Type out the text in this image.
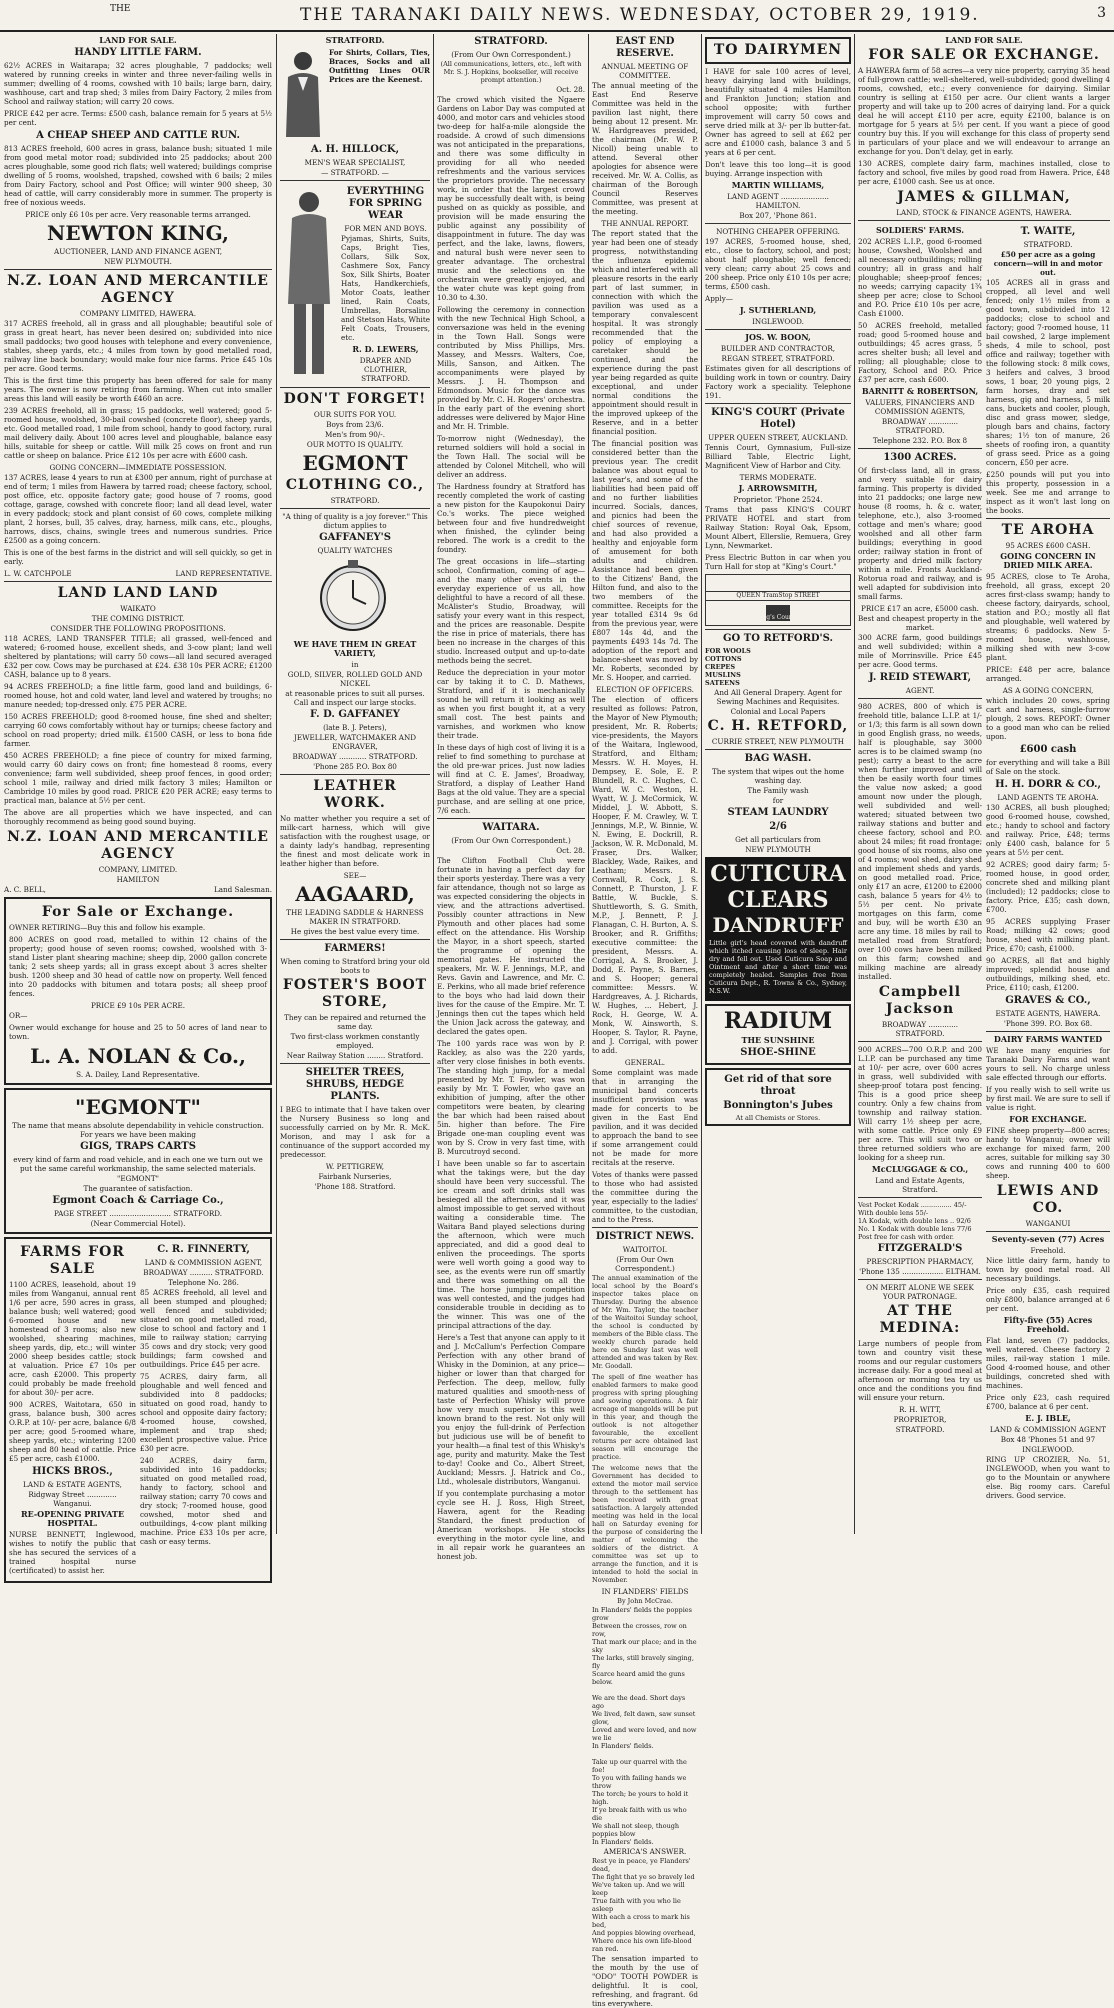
THE	THE TARANAKI DAILY NEWS. WEDNESDAY, OCTOBER 29, 1919.	3
LAND FOR SALE.
HANDY LITTLE FARM.
62½ ACRES in Waitarapa; 32 acres ploughable, 7 paddocks; well watered by running creeks in winter and three never-failing wells in summer; dwelling of 4 rooms, cowshed with 10 bails; large barn, dairy, washhouse, cart and trap shed; 3 miles from Dairy Factory, 2 miles from School and railway station; will carry 20 cows.
PRICE £42 per acre. Terms: £500 cash, balance remain for 5 years at 5½ per cent.
A CHEAP SHEEP AND CATTLE RUN.
813 ACRES freehold, 600 acres in grass, balance bush; situated 1 mile from good metal motor road; subdivided into 25 paddocks; about 200 acres ploughable, some good rich flats; well watered; buildings comprise dwelling of 5 rooms, woolshed, trapshed, cowshed with 6 bails; 2 miles from Dairy Factory, school and Post Office; will winter 900 sheep, 30 head of cattle, will carry considerably more in summer. The property is free of noxious weeds.
PRICE only £6 10s per acre. Very reasonable terms arranged.
NEWTON KING,
AUCTIONEER, LAND AND FINANCE AGENT,
NEW PLYMOUTH.
N.Z. LOAN AND MERCANTILE AGENCY
COMPANY LIMITED, HAWERA.
317 ACRES freehold, all in grass and all ploughable; beautiful sole of grass in great heart, has never been desired on; subdivided into nice small paddocks; two good houses with telephone and every convenience, stables, sheep yards, etc.; 4 miles from town by good metalled road, railway line back boundary; would make four nice farms. Price £45 10s per acre. Good terms.
This is the first time this property has been offered for sale for many years. The owner is now retiring from farming. When cut into smaller areas this land will easily be worth £460 an acre.
239 ACRES freehold, all in grass; 15 paddocks, well watered; good 5-roomed house, woolshed, 30-bail cowshed (concrete floor), sheep yards, etc. Good metalled road, 1 mile from school, handy to good factory, rural mail delivery daily. About 100 acres level and ploughable, balance easy hills, suitable for sheep or cattle. Will milk 25 cows on front and run cattle or sheep on balance. Price £12 10s per acre with £600 cash.
GOING CONCERN—IMMEDIATE POSSESSION.
137 ACRES, lease 4 years to run at £300 per annum, right of purchase at end of term; 1 miles from Hawera by tarred road; cheese factory, school, post office, etc. opposite factory gate; good house of 7 rooms, good cottage, garage, cowshed with concrete floor; land all dead level, water in every paddock; stock and plant consist of 60 cows, complete milking plant, 2 horses, bull, 35 calves, dray, harness, milk cans, etc., ploughs, harrows, discs, chains, swingle trees and numerous sundries. Price £2500 as a going concern.
This is one of the best farms in the district and will sell quickly, so get in early.
L. W. CATCHPOLE	LAND REPRESENTATIVE.
LAND LAND LAND
WAIKATO
THE COMING DISTRICT.
CONSIDER THE FOLLOWING PROPOSITIONS.
118 ACRES, LAND TRANSFER TITLE; all grassed, well-fenced and watered; 6-roomed house, excellent sheds, and 3-cow plant; land well sheltered by plantations; will carry 50 cows—all land secured averaged £32 per cow. Cows may be purchased at £24. £38 10s PER ACRE; £1200 CASH, balance up to 8 years.
94 ACRES FREEHOLD; a fine little farm, good land and buildings, 6-roomed house, hot and cold water, land level and watered by troughs; no manure needed; top-dressed only. £75 PER ACRE.
150 ACRES FREEHOLD; good 8-roomed house, fine shed and shelter; carrying 60 cows comfortably without hay or turnips; cheese factory and school on road property; dried milk. £1500 CASH, or less to bona fide farmer.
450 ACRES FREEHOLD; a fine piece of country for mixed farming, would carry 60 dairy cows on front; fine homestead 8 rooms, every convenience; farm well subdivided, sheep proof fences, in good order; school 1 mile, railway and dried milk factory 3 miles; Hamilton or Cambridge 10 miles by good road. PRICE £20 PER ACRE; easy terms to practical man, balance at 5½ per cent.
The above are all properties which we have inspected, and can thoroughly recommend as being good sound buying.
N.Z. LOAN AND MERCANTILE AGENCY
COMPANY, LIMITED.
HAMILTON
A. C. BELL,	Land Salesman.
For Sale or Exchange.
OWNER RETIRING—Buy this and follow his example.
800 ACRES on good road, metalled to within 12 chains of the property; good house of seven rooms; cowshed, woolshed with 3-stand Lister plant shearing machine; sheep dip, 2000 gallon concrete tank; 2 sets sheep yards; all in grass except about 3 acres shelter bush. 1200 sheep and 30 head of cattle now on property. Well fenced into 20 paddocks with bitumen and totara posts; all sheep proof fences.
PRICE £9 10s PER ACRE.
OR—
Owner would exchange for house and 25 to 50 acres of land near to town.
L. A. NOLAN & Co.,
S. A. Dailey, Land Representative.
"EGMONT"
The name that means absolute dependability in vehicle construction. For years we have been making
GIGS, TRAPS CARTS
every kind of farm and road vehicle, and in each one we turn out we put the same careful workmanship, the same selected materials.
"EGMONT"
The guarantee of satisfaction.
Egmont Coach & Carriage Co.,
PAGE STREET ........................... STRATFORD.
(Near Commercial Hotel).
FARMS FOR SALE
1100 ACRES, leasehold, about 19 miles from Wanganui, annual rent 1/6 per acre, 590 acres in grass, balance bush; well watered; good 6-roomed house and new homestead of 3 rooms; also new woolshed, shearing machines, sheep yards, dip, etc.; will winter 2000 sheep besides cattle; stock at valuation. Price £7 10s per acre, cash £2000. This property could probably be made freehold for about 30/- per acre.
900 ACRES, Waitotara, 650 in grass, balance bush, 300 acres O.R.P. at 10/- per acre, balance 6/8 per acre; good 5-roomed whare, sheep yards, etc.; wintering 1200 sheep and 80 head of cattle. Price £5 per acre, cash £1000.
HICKS BROS.,
LAND & ESTATE AGENTS,
Ridgway Street ............. Wanganui.
RE-OPENING PRIVATE HOSPITAL.
NURSE BENNETT, Inglewood, wishes to notify the public that she has secured the services of a trained hospital nurse (certificated) to assist her.
C. R. FINNERTY,
LAND & COMMISSION AGENT,
BROADWAY .......... STRATFORD.
Telephone No. 286.
85 ACRES freehold, all level and all been stumped and ploughed; well fenced and subdivided; situated on good metalled road, close to school and factory and 1 mile to railway station; carrying 35 cows and dry stock; very good buildings; farm cowshed and outbuildings. Price £45 per acre.
75 ACRES, dairy farm, all ploughable and well fenced and subdivided into 8 paddocks; situated on good road, handy to school and opposite dairy factory; 4-roomed house, cowshed, implement and trap shed; excellent prospective value. Price £30 per acre.
240 ACRES, dairy farm, subdivided into 16 paddocks; situated on good metalled road, handy to factory, school and railway station; carry 70 cows and dry stock; 7-roomed house, good cowshed, motor shed and outbuildings, 4-cow plant milking machine. Price £33 10s per acre, cash or easy terms.
STRATFORD.
For Shirts, Collars, Ties, Braces, Socks and all Outfitting Lines OUR Prices are the Keenest.
A. H. HILLOCK,
MEN'S WEAR SPECIALIST,
— STRATFORD. —
EVERYTHING FOR SPRING WEAR
FOR MEN AND BOYS.
Pyjamas, Shirts, Suits, Caps, Bright Ties, Collars, Silk Sox, Cashmere Sox, Fancy Sox, Silk Shirts, Boater Hats, Handkerchiefs, Motor Coats, leather lined, Rain Coats, Umbrellas, Borsalino and Stetson Hats, White Felt Coats, Trousers, etc.
R. D. LEWERS,
DRAPER AND CLOTHIER, STRATFORD.
DON'T FORGET!
OUR SUITS FOR YOU.
Boys from 23/6.
Men's from 90/-.
OUR MOTTO IS QUALITY.
EGMONT
CLOTHING CO.,
STRATFORD.
"A thing of quality is a joy forever." This dictum applies to
GAFFANEY'S
QUALITY WATCHES
WE HAVE THEM IN GREAT VARIETY,
in
GOLD, SILVER, ROLLED GOLD AND NICKEL
at reasonable prices to suit all purses. Call and inspect our large stocks.
F. D. GAFFANEY
(late B. J. Peters),
JEWELLER, WATCHMAKER AND ENGRAVER,
BROADWAY ............ STRATFORD.
'Phone 285 P.O. Box 80
LEATHER WORK.
No matter whether you require a set of milk-cart harness, which will give satisfaction with the roughest usage, or a dainty lady's handbag, representing the finest and most delicate work in leather higher than before.
SEE—
AAGAARD,
THE LEADING SADDLE & HARNESS MAKER IN STRATFORD.
He gives the best value every time.
FARMERS!
When coming to Stratford bring your old boots to
FOSTER'S BOOT STORE,
They can be repaired and returned the same day.
Two first-class workmen constantly employed.
Near Railway Station ........ Stratford.
SHELTER TREES, SHRUBS, HEDGE PLANTS.
I BEG to intimate that I have taken over the Nursery Business so long and successfully carried on by Mr. R. McK. Morison, and may I ask for a continuance of the support accorded my predecessor.
W. PETTIGREW,
Fairbank Nurseries,
'Phone 188. Stratford.
STRATFORD.
(From Our Own Correspondent.)
(All communications, letters, etc., left with Mr. S. J. Hopkins, bookseller, will receive prompt attention.)
Oct. 28.
The crowd which visited the Ngaere Gardens on Labor Day was computed at 4000, and motor cars and vehicles stood two-deep for half-a-mile alongside the roadside. A crowd of such dimensions was not anticipated in the preparations, and there was some difficulty in providing for all who needed refreshments and the various services the proprietors provide. The necessary work, in order that the largest crowd may be successfully dealt with, is being pushed on as quickly as possible, and provision will be made ensuring the public against any possibility of disappointment in future. The day was perfect, and the lake, lawns, flowers, and natural bush were never seen to greater advantage. The orchestral music and the selections on the orchestrain were greatly enjoyed, and the water chute was kept going from 10.30 to 4.30.
Following the ceremony in connection with the new Technical High School, a conversazione was held in the evening in the Town Hall. Songs were contributed by Miss Phillips, Mrs. Massey, and Messrs. Walters, Coe, Mills, Sanson, and Aitken. The accompaniments were played by Messrs. J. H. Thompson and Edmondson. Music for the dance was provided by Mr. C. H. Rogers' orchestra. In the early part of the evening short addresses were delivered by Major Hine and Mr. H. Trimble.
To-morrow night (Wednesday), the returned soldiers will hold a social in the Town Hall. The social will be attended by Colonel Mitchell, who will deliver an address.
The Hardness foundry at Stratford has recently completed the work of casting a new piston for the Kaupokonui Dairy Co.'s works. The piece weighed between four and five hundredweight when finished, the cylinder being rebored. The work is a credit to the foundry.
The great occasions in life—starting school, Confirmation, coming of age—and the many other events in the everyday experience of us all, how delightful to have a record of all these. McAlister's Studio, Broadway, will satisfy your every want in this respect, and the prices are reasonable. Despite the rise in price of materials, there has been no increase in the charges of this studio. Increased output and up-to-date methods being the secret.
Reduce the depreciation in your motor car by taking it to C. D. Mathews, Stratford, and if it is mechanically sound he will return it looking as well as when you first bought it, at a very small cost. The best paints and varnishes, and workmen who know their trade.
In these days of high cost of living it is a relief to find something to purchase at the old pre-war prices. Just now ladies will find at C. E. James', Broadway, Stratford, a display of Leather Hand Bags at the old value. They are a special purchase, and are selling at one price, 7/6 each.
WAITARA.
(From Our Own Correspondent.)
Oct. 28.
The Clifton Football Club were fortunate in having a perfect day for their sports yesterday. There was a very fair attendance, though not so large as was expected considering the objects in view, and the attractions advertised. Possibly counter attractions in New Plymouth and other places had some effect on the attendance. His Worship the Mayor, in a short speech, started the programme of opening the memorial gates. He instructed the speakers, Mr. W. F. Jennings, M.P., and Revs. Gavin and Lawrence, and Mr. C. E. Perkins, who all made brief reference to the boys who had laid down their lives for the cause of the Empire. Mr. T. Jennings then cut the tapes which held the Union Jack across the gateway, and declared the gates open.
The 100 yards race was won by P. Rackley, as also was the 220 yards, after very close finishes in both events. The standing high jump, for a medal presented by Mr. T. Fowler, was won easily by Mr. T. Fowler, who gave an exhibition of jumping, after the other competitors were beaten, by clearing the bar which had been raised about 5in. higher than before. The Fire Brigade one-man coupling event was won by S. Crow in very fast time, with B. Murcutroyd second.
I have been unable so far to ascertain what the takings were, but the day should have been very successful. The ice cream and soft drinks stall was besieged all the afternoon, and it was almost impossible to get served without waiting a considerable time. The Waitara Band played selections during the afternoon, which were much appreciated, and did a good deal to enliven the proceedings. The sports were well worth going a good way to see, as the events were run off smartly and there was something on all the time. The horse jumping competition was well contested, and the judges had considerable trouble in deciding as to the winner. This was one of the principal attractions of the day.
Here's a Test that anyone can apply to it and J. McCallum's Perfection Compare Perfection with any other brand of Whisky in the Dominion, at any price—higher or lower than that charged for Perfection. The deep, mellow, fully matured qualities and smooth-ness of taste of Perfection Whisky will prove how very much superior is this well known brand to the rest. Not only will you enjoy the full-drink of Perfection but judicious use will be of benefit to your health—a final test of this Whisky's age, purity and maturity. Make the Test to-day! Cooke and Co., Albert Street, Auckland; Messrs. J. Hatrick and Co., Ltd., wholesale distributors, Wanganui.
If you contemplate purchasing a motor cycle see H. J. Ross, High Street, Hawera, agent for the Reading Standard, the finest production of American workshops. He stocks everything in the motor cycle line, and in all repair work he guarantees an honest job.
EAST END RESERVE.
ANNUAL MEETING OF COMMITTEE.
The annual meeting of the East End Reserve Committee was held in the pavilion last night, there being about 12 present. Mr. W. Hardgreaves presided, the chairman (Mr. W. P. Nicoll) being unable to attend. Several other apologies for absence were received. Mr. W. A. Collis, as chairman of the Borough Council Reserves Committee, was present at the meeting.
THE ANNUAL REPORT.
The report stated that the year had been one of steady progress, notwithstanding the influenza epidemic which and interfered with all pleasure resorts in the early part of last summer, in connection with which the pavilion was used as a temporary convalescent hospital. It was strongly recommended that the policy of employing a caretaker should be continued, and the experience during the past year being regarded as quite exceptional, and under normal conditions the appointment should result in the improved upkeep of the Reserve, and in a better financial position.
The financial position was considered better than the previous year. The credit balance was about equal to last year's, and some of the liabilities had been paid off and no further liabilities incurred. Socials, dances, and picnics had been the chief sources of revenue, and had also provided a healthy and enjoyable form of amusement for both adults and children. Assistance had been given to the Citizens' Band, the Hilton fund, and also to the two members of the committee. Receipts for the year totalled £314 9s 6d from the previous year, were £807 14s 4d, and the payments £493 14s 7d. The adoption of the report and balance-sheet was moved by Mr. Roberts, seconded by Mr. S. Hooper, and carried.
ELECTION OF OFFICERS.
The election of officers resulted as follows: Patron, the Mayor of New Plymouth; president, Mr. R. Roberts; vice-presidents, the Mayors of the Waitara, Inglewood, Stratford, and Eltham; Messrs. W. H. Moyes, H. Dempsey, E. Sole, E. P. Blundell, R. C. Hughes, C. Ward, W. C. Weston, H. Wyatt, W. J. McCormick, W. Middel, J. W. Abbott, S. Hooper, F. M. Crawley, W. T. Jennings, M.P., W. Binnie, W. N. Ewing, E. Dockrill, R. Jackson, W. R. McDonald, M. Fraser, Drs. Walker, Blackley, Wade, Raikes, and Leatham; Messrs. R. Cornwall, R. Cock, J. S. Connett, P. Thurston, J. F. Battle, W. Buckle, S. Shuttleworth, S. G. Smith, M.P., J. Bennett, P. J. Flanagan, C. H. Burton, A. S. Brooker, and R. Griffiths; executive committee: the president, Messrs. A. Corrigal, A. S. Brooker, J. Dodd, E. Payne, S. Barnes, and S. Hooper; general committee: Messrs. W. Hardgreaves, A. J. Richards, W. Hughes, ... Hebert, J. Rock, H. George, W. A. Monk, W. Ainsworth, S. Hooper, S. Taylor, R. Payne, and J. Corrigal, with power to add.
GENERAL.
Some complaint was made that in arranging the municipal band concerts insufficient provision was made for concerts to be given in the East End pavilion, and it was decided to approach the band to see if some arrangement could not be made for more recitals at the reserve.
Votes of thanks were passed to those who had assisted the committee during the year, especially to the ladies' committee, to the custodian, and to the Press.
DISTRICT NEWS.
WAITOITOI.
(From Our Own Correspondent.)
The annual examination of the local school by the Board's inspector takes place on Thursday. During the absence of Mr. Wm. Taylor, the teacher of the Waitoitoi Sunday school, the school is conducted by members of the Bible class. The weekly church parade held here on Sunday last was well attended and was taken by Rev. Mr. Goodall.
The spell of fine weather has enabled farmers to make good progress with spring ploughing and sowing operations. A fair acreage of mangolds will be put in this year, and though the outlook is not altogether favourable, the excellent returns per acre obtained last season will encourage the practice.
The welcome news that the Government has decided to extend the motor mail service through to the settlement has been received with great satisfaction. A largely attended meeting was held in the local hall on Saturday evening for the purpose of considering the matter of welcoming the soldiers of the district. A committee was set up to arrange the function, and it is intended to hold the social in November.
IN FLANDERS' FIELDS
By John McCrae.
In Flanders' fields the poppies grow
Between the crosses, row on row,
That mark our place; and in the sky
The larks, still bravely singing, fly
Scarce heard amid the guns below.

We are the dead. Short days ago
We lived, felt dawn, saw sunset glow,
Loved and were loved, and now we lie
In Flanders' fields.

Take up our quarrel with the foe!
To you with failing hands we throw
The torch; be yours to hold it high.
If ye break faith with us who die
We shall not sleep, though poppies blow
In Flanders' fields.
AMERICA'S ANSWER.
Rest ye in peace, ye Flanders' dead,
The fight that ye so bravely led
We've taken up. And we will keep
True faith with you who lie asleep
With each a cross to mark his bed,
And poppies blowing overhead,
Where once his own life-blood ran red.
The sensation imparted to the mouth by the use of "ODO" TOOTH POWDER is delightful. It is cool, refreshing, and fragrant. 6d tins everywhere.
TO DAIRYMEN
I HAVE for sale 100 acres of level, heavy dairying land with buildings, beautifully situated 4 miles Hamilton and Frankton Junction; station and school opposite; with further improvement will carry 50 cows and serve dried milk at 3/- per lb butter-fat. Owner has agreed to sell at £62 per acre and £1000 cash, balance 3 and 5 years at 6 per cent.
Don't leave this too long—it is good buying. Arrange inspection with
MARTIN WILLIAMS,
LAND AGENT ..................... HAMILTON.
Box 207, 'Phone 861.
NOTHING CHEAPER OFFERING.
197 ACRES, 5-roomed house, shed, etc., close to factory, school, and post; about half ploughable; well fenced; very clean; carry about 25 cows and 200 sheep. Price only £10 10s per acre; terms, £500 cash.
Apply—
J. SUTHERLAND,
INGLEWOOD.
JOS. W. BOON,
BUILDER AND CONTRACTOR,
REGAN STREET, STRATFORD.
Estimates given for all descriptions of building work in town or country. Dairy Factory work a speciality. Telephone 191.
KING'S COURT (Private Hotel)
UPPER QUEEN STREET, AUCKLAND.
Tennis Court, Gymnasium, Full-size Billiard Table, Electric Light, Magnificent View of Harbor and City.
TERMS MODERATE.
J. ARROWSMITH,
Proprietor. 'Phone 2524.
Trams that pass KING'S COURT PRIVATE HOTEL and start from Railway Station: Royal Oak, Epsom, Mount Albert, Ellerslie, Remuera, Grey Lynn, Newmarket.
Press Electric Button in car when you Turn Hall for stop at "King's Court."
QUEEN TramStop STREET
King's Court
GO TO RETFORD'S.
FOR WOOLS
COTTONS
CREPES
MUSLINS
SATEENS
And All General Drapery. Agent for Sewing Machines and Requisites.
Colonial and Local Papers
C. H. RETFORD,
CURRIE STREET, NEW PLYMOUTH
BAG WASH.
The system that wipes out the home washing day.
The Family wash
for
STEAM LAUNDRY
2/6
Get all particulars from
NEW PLYMOUTH
CUTICURA
CLEARS
DANDRUFF
Little girl's head covered with dandruff which itched causing loss of sleep. Hair dry and fell out. Used Cuticura Soap and Ointment and after a short time was completely healed. Samples free from Cuticura Dept., R. Towns & Co., Sydney, N.S.W.
RADIUM
THE SUNSHINE
SHOE-SHINE
Get rid of that sore throat
Bonnington's Jubes
At all Chemists or Stores.
LAND FOR SALE.
FOR SALE OR EXCHANGE.
A HAWERA farm of 58 acres—a very nice property, carrying 35 head of full-grown cattle; well-sheltered, well-subdivided; good dwelling 4 rooms, cowshed, etc.; every convenience for dairying. Similar country is selling at £150 per acre. Our client wants a larger property and will take up to 200 acres of dairying land. For a quick deal he will accept £110 per acre, equity £2100, balance is on mortgage for 5 years at 5½ per cent. If you want a piece of good country buy this. If you will exchange for this class of property send in particulars of your place and we will endeavour to arrange an exchange for you. Don't delay, get in early.
130 ACRES, complete dairy farm, machines installed, close to factory and school, five miles by good road from Hawera. Price, £48 per acre, £1000 cash. See us at once.
JAMES & GILLMAN,
LAND, STOCK & FINANCE AGENTS, HAWERA.
SOLDIERS' FARMS.
202 ACRES L.I.P., good 6-roomed house, Cowshed, Woolshed and all necessary outbuildings; rolling country; all in grass and half ploughable; sheep-proof fences; no weeds; carrying capacity 1¾ sheep per acre; close to School and P.O. Price £10 10s per acre, Cash £1000.
50 ACRES freehold, metalled road; good 5-roomed house and outbuildings; 45 acres grass, 5 acres shelter bush; all level and rolling; all ploughable; close to Factory, School and P.O. Price £37 per acre, cash £600.
BARNITT & ROBERTSON,
VALUERS, FINANCIERS AND COMMISSION AGENTS,
BROADWAY ............. STRATFORD.
Telephone 232. P.O. Box 8
1300 ACRES.
Of first-class land, all in grass, and very suitable for dairy farming. This property is divided into 21 paddocks; one large new house (8 rooms, h. & c. water, telephone, etc.), also 3-roomed cottage and men's whare; good woolshed and all other farm buildings; everything in good order; railway station in front of property and dried milk factory within a mile. Fronts Auckland-Rotorua road and railway, and is well adapted for subdivision into small farms.
PRICE £17 an acre, £5000 cash.
Best and cheapest property in the market.
300 ACRE farm, good buildings and well subdivided; within a mile of Morrinsville. Price £45 per acre. Good terms.
J. REID STEWART,
AGENT.
980 ACRES, 800 of which is freehold title, balance L.I.P. at 1/- or 1/3; this farm is all sown down in good English grass, no weeds, half is ploughable, say 3000 acres is to be claimed swamp (no pest); carry a beast to the acre when further improved and will then be easily worth four times the value now asked; a good amount now under the plough, well subdivided and well-watered; situated between two railway stations and butter and cheese factory, school and P.O. about 24 miles; fit road frontage; good house of six rooms, also one of 4 rooms; wool shed, dairy shed and implement sheds and yards, on good metalled road. Price, only £17 an acre, £1200 to £2000 cash, balance 5 years for 4½ to 5½ per cent. No private mortgages on this farm, come and buy, will be worth £30 an acre any time. 18 miles by rail to metalled road from Stratford; over 100 cows have been milked on this farm; cowshed and milking machine are already installed.
Campbell Jackson
BROADWAY ............. STRATFORD.
900 ACRES—700 O.R.P. and 200 L.I.P. can be purchased any time at 10/- per acre, over 600 acres in grass, well subdivided with sheep-proof totara post fencing. This is a good price sheep country. Only a few chains from township and railway station. Will carry 1½ sheep per acre, with some cattle. Price only £9 per acre. This will suit two or three returned soldiers who are looking for a sheep run.
McCLUGGAGE & CO.,
Land and Estate Agents, Stratford.
Vest Pocket Kodak ............... 45/-
With double lens 55/-
1A Kodak, with double lens .. 92/6
No. 1 Kodak with double lens 77/6
Post free for cash with order.
FITZGERALD'S
PRESCRIPTION PHARMACY,
'Phone 135 .................. ELTHAM.
ON MERIT ALONE WE SEEK YOUR PATRONAGE.
AT THE MEDINA:
Large numbers of people from town and country visit these rooms and our regular customers increase daily. For a good meal at afternoon or morning tea try us once and the conditions you find will ensure your return.
R. H. WITT,
PROPRIETOR,
STRATFORD.
T. WAITE,
STRATFORD.
£50 per acre as a going concern—will in and motor out.
105 ACRES all in grass and cropped, all level and well fenced; only 1½ miles from a good town, subdivided into 12 paddocks; close to school and factory; good 7-roomed house, 11 bail cowshed, 2 large implement sheds, 4 mile to school, post office and railway; together with the following stock: 8 milk cows, 3 heifers and calves, 3 brood sows, 1 boar, 20 young pigs, 2 farm horses, dray and set harness, gig and harness, 5 milk cans, buckets and cooler, plough, disc and grass mower, sledge, plough bars and chains, factory shares; 1½ ton of manure, 26 sheets of roofing iron, a quantity of grass seed. Price as a going concern, £50 per acre.
£250 pounds will put you into this property, possession in a week. See me and arrange to inspect as it won't last long on the books.
TE AROHA
95 ACRES £600 CASH.
GOING CONCERN IN DRIED MILK AREA.
95 ACRES, close to Te Aroha, freehold, all grass, except 20 acres first-class swamp; handy to cheese factory, dairyards, school, station and P.O.; mostly all flat and ploughable, well watered by streams; 6 paddocks. New 5-roomed house, washhouse, milking shed with new 3-cow plant.
PRICE: £48 per acre, balance arranged.
AS A GOING CONCERN,
which includes 20 cows, spring cart and harness, single-furrow plough, 2 sows. REPORT: Owner to a good man who can be relied upon.
£600 cash
for everything and will take a Bill of Sale on the stock.
H. H. DORR & CO.,
LAND AGENTS TE AROHA.
130 ACRES, all bush ploughed; good 6-roomed house, cowshed, etc.; handy to school and factory and railway. Price, £48; terms only £400 cash, balance for 5 years at 5½ per cent.
92 ACRES; good dairy farm; 5-roomed house, in good order, concrete shed and milking plant (included); 12 paddocks; close to factory. Price, £35; cash down, £700.
95 ACRES supplying Fraser Road; milking 42 cows; good house, shed with milking plant. Price, £70; cash, £1000.
90 ACRES, all flat and highly improved; splendid house and outbuildings, milking shed, etc. Price, £110; cash, £1200.
GRAVES & CO.,
ESTATE AGENTS, HAWERA.
'Phone 399. P.O. Box 68.
DAIRY FARMS WANTED
WE have many enquiries for Taranaki Dairy Farms and want yours to sell. No charge unless sale effected through our efforts.
If you really wish to sell write us by first mail. We are sure to sell if value is right.
FOR EXCHANGE.
FINE sheep property—800 acres; handy to Wanganui; owner will exchange for mixed farm, 200 acres, suitable for milking say 30 cows and running 400 to 600 sheep.
LEWIS AND CO.
WANGANUI
Seventy-seven (77) Acres
Freehold.
Nice little dairy farm, handy to town by good metal road. All necessary buildings.
Price only £35, cash required only £800, balance arranged at 6 per cent.
Fifty-five (55) Acres Freehold.
Flat land, seven (7) paddocks, well watered. Cheese factory 2 miles, rail-way station 1 mile. Good 4-roomed house, and other buildings, concreted shed with machines.
Price only £23, cash required £700, balance at 6 per cent.
E. J. IBLE,
LAND & COMMISSION AGENT
Box 48 'Phones 51 and 97
INGLEWOOD.
RING UP CROZIER, No. 51, INGLEWOOD, when you want to go to the Mountain or anywhere else. Big roomy cars. Careful drivers. Good service.
